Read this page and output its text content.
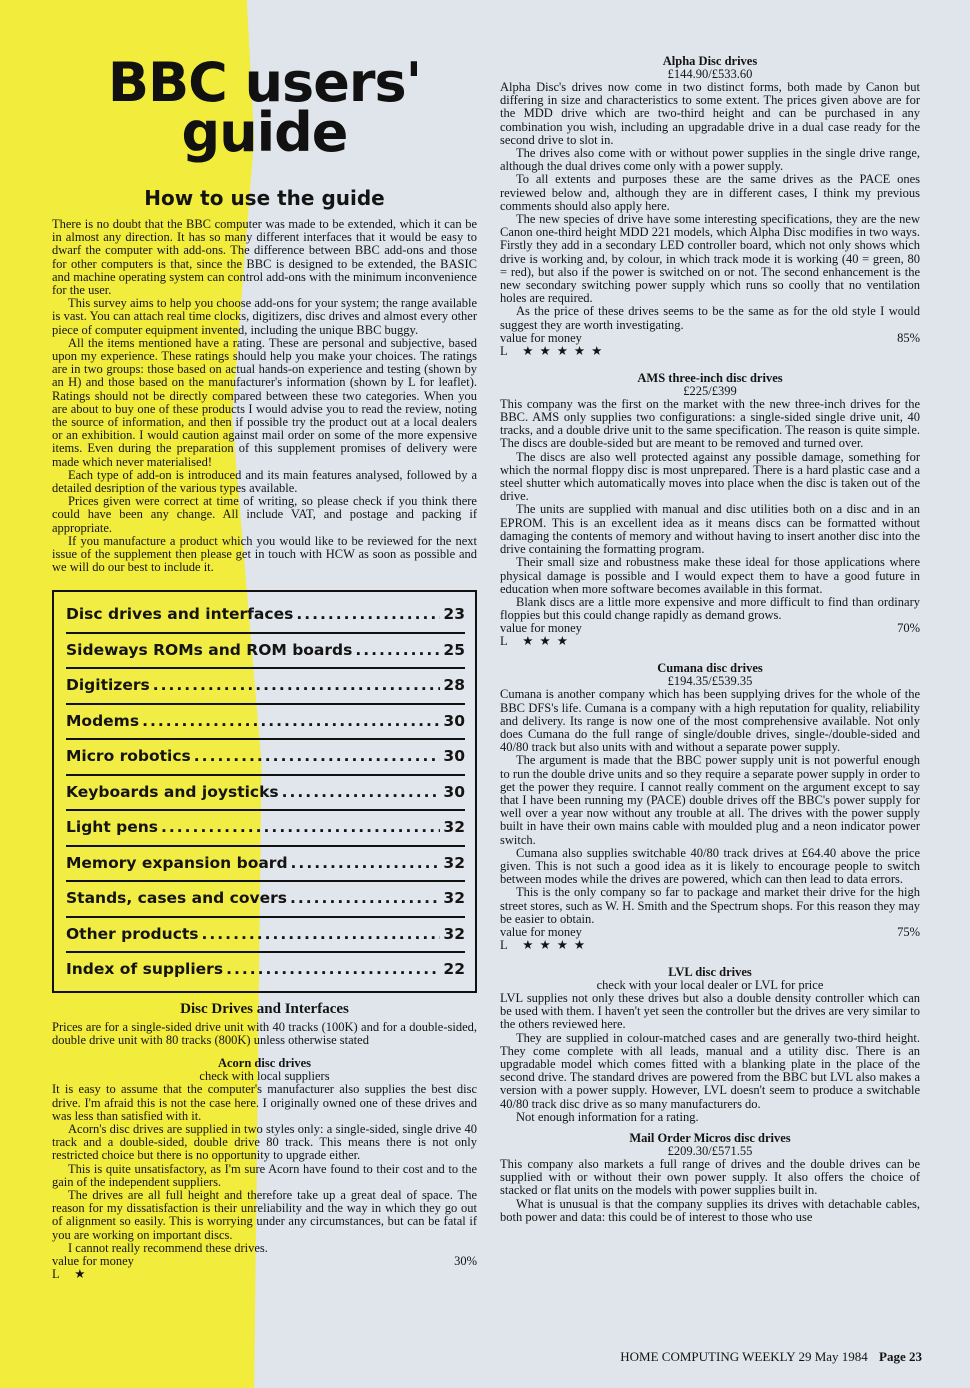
BBC users'
guide
How to use the guide

There is no doubt that the BBC computer was made to be extended, which it can be in almost any direction. It has so many different interfaces that it would be easy to dwarf the computer with add-ons. The difference between BBC add-ons and those for other computers is that, since the BBC is designed to be extended, the BASIC and machine operating system can control add-ons with the minimum inconvenience for the user.

This survey aims to help you choose add-ons for your system; the range available is vast. You can attach real time clocks, digitizers, disc drives and almost every other piece of computer equipment invented, including the unique BBC buggy.

All the items mentioned have a rating. These are personal and subjective, based upon my experience. These ratings should help you make your choices. The ratings are in two groups: those based on actual hands-on experience and testing (shown by an H) and those based on the manufacturer's information (shown by L for leaflet). Ratings should not be directly compared between these two categories. When you are about to buy one of these products I would advise you to read the review, noting the source of information, and then if possible try the product out at a local dealers or an exhibition. I would caution against mail order on some of the more expensive items. Even during the preparation of this supplement promises of delivery were made which never materialised!

Each type of add-on is introduced and its main features analysed, followed by a detailed desription of the various types available.

Prices given were correct at time of writing, so please check if you think there could have been any change. All include VAT, and postage and packing if appropriate.

If you manufacture a product which you would like to be reviewed for the next issue of the supplement then please get in touch with HCW as soon as possible and we will do our best to include it.

Disc drives and interfaces .....	23
Sideways ROMs and ROM boards .....	25
Digitizers .....	28
Modems .....	30
Micro robotics .....	30
Keyboards and joysticks .....	30
Light pens .....	32
Memory expansion board .....	32
Stands, cases and covers .....	32
Other products .....	32
Index of suppliers .....	22
Disc Drives and Interfaces

Prices are for a single-sided drive unit with 40 tracks (100K) and for a double-sided, double drive unit with 80 tracks (800K) unless otherwise stated

Acorn disc drives
check with local suppliers

It is easy to assume that the computer's manufacturer also supplies the best disc drive. I'm afraid this is not the case here. I originally owned one of these drives and was less than satisfied with it.

Acorn's disc drives are supplied in two styles only: a single-sided, single drive 40 track and a double-sided, double drive 80 track. This means there is not only restricted choice but there is no opportunity to upgrade either.

This is quite unsatisfactory, as I'm sure Acorn have found to their cost and to the gain of the independent suppliers.

The drives are all full height and therefore take up a great deal of space. The reason for my dissatisfaction is their unreliability and the way in which they go out of alignment so easily. This is worrying under any circumstances, but can be fatal if you are working on important discs.

I cannot really recommend these drives.

value for money	30%
L ★
Alpha Disc drives
£144.90/£533.60

Alpha Disc's drives now come in two distinct forms, both made by Canon but differing in size and characteristics to some extent. The prices given above are for the MDD drive which are two-third height and can be purchased in any combination you wish, including an upgradable drive in a dual case ready for the second drive to slot in.

The drives also come with or without power supplies in the single drive range, although the dual drives come only with a power supply.

To all extents and purposes these are the same drives as the PACE ones reviewed below and, although they are in different cases, I think my previous comments should also apply here.

The new species of drive have some interesting specifications, they are the new Canon one-third height MDD 221 models, which Alpha Disc modifies in two ways. Firstly they add in a secondary LED controller board, which not only shows which drive is working and, by colour, in which track mode it is working (40 = green, 80 = red), but also if the power is switched on or not. The second enhancement is the new secondary switching power supply which runs so coolly that no ventilation holes are required.

As the price of these drives seems to be the same as for the old style I would suggest they are worth investigating.

value for money	85%
L ★★★★★
AMS three-inch disc drives
£225/£399

This company was the first on the market with the new three-inch drives for the BBC. AMS only supplies two configurations: a single-sided single drive unit, 40 tracks, and a double drive unit to the same specification. The reason is quite simple. The discs are double-sided but are meant to be removed and turned over.

The discs are also well protected against any possible damage, something for which the normal floppy disc is most unprepared. There is a hard plastic case and a steel shutter which automatically moves into place when the disc is taken out of the drive.

The units are supplied with manual and disc utilities both on a disc and in an EPROM. This is an excellent idea as it means discs can be formatted without damaging the contents of memory and without having to insert another disc into the drive containing the formatting program.

Their small size and robustness make these ideal for those applications where physical damage is possible and I would expect them to have a good future in education when more software becomes available in this format.

Blank discs are a little more expensive and more difficult to find than ordinary floppies but this could change rapidly as demand grows.

value for money	70%
L ★★★
Cumana disc drives
£194.35/£539.35

Cumana is another company which has been supplying drives for the whole of the BBC DFS's life. Cumana is a company with a high reputation for quality, reliability and delivery. Its range is now one of the most comprehensive available. Not only does Cumana do the full range of single/double drives, single-/double-sided and 40/80 track but also units with and without a separate power supply.

The argument is made that the BBC power supply unit is not powerful enough to run the double drive units and so they require a separate power supply in order to get the power they require. I cannot really comment on the argument except to say that I have been running my (PACE) double drives off the BBC's power supply for well over a year now without any trouble at all. The drives with the power supply built in have their own mains cable with moulded plug and a neon indicator power switch.

Cumana also supplies switchable 40/80 track drives at £64.40 above the price given. This is not such a good idea as it is likely to encourage people to switch between modes while the drives are powered, which can then lead to data errors.

This is the only company so far to package and market their drive for the high street stores, such as W. H. Smith and the Spectrum shops. For this reason they may be easier to obtain.

value for money	75%
L ★★★★
LVL disc drives
check with your local dealer or LVL for price

LVL supplies not only these drives but also a double density controller which can be used with them. I haven't yet seen the controller but the drives are very similar to the others reviewed here.

They are supplied in colour-matched cases and are generally two-third height. They come complete with all leads, manual and a utility disc. There is an upgradable model which comes fitted with a blanking plate in the place of the second drive. The standard drives are powered from the BBC but LVL also makes a version with a power supply. However, LVL doesn't seem to produce a switchable 40/80 track disc drive as so many manufacturers do.

Not enough information for a rating.

Mail Order Micros disc drives
£209.30/£571.55

This company also markets a full range of drives and the double drives can be supplied with or without their own power supply. It also offers the choice of stacked or flat units on the models with power supplies built in.

What is unusual is that the company supplies its drives with detachable cables, both power and data: this could be of interest to those who use

HOME COMPUTING WEEKLY 29 May 1984 Page 23
